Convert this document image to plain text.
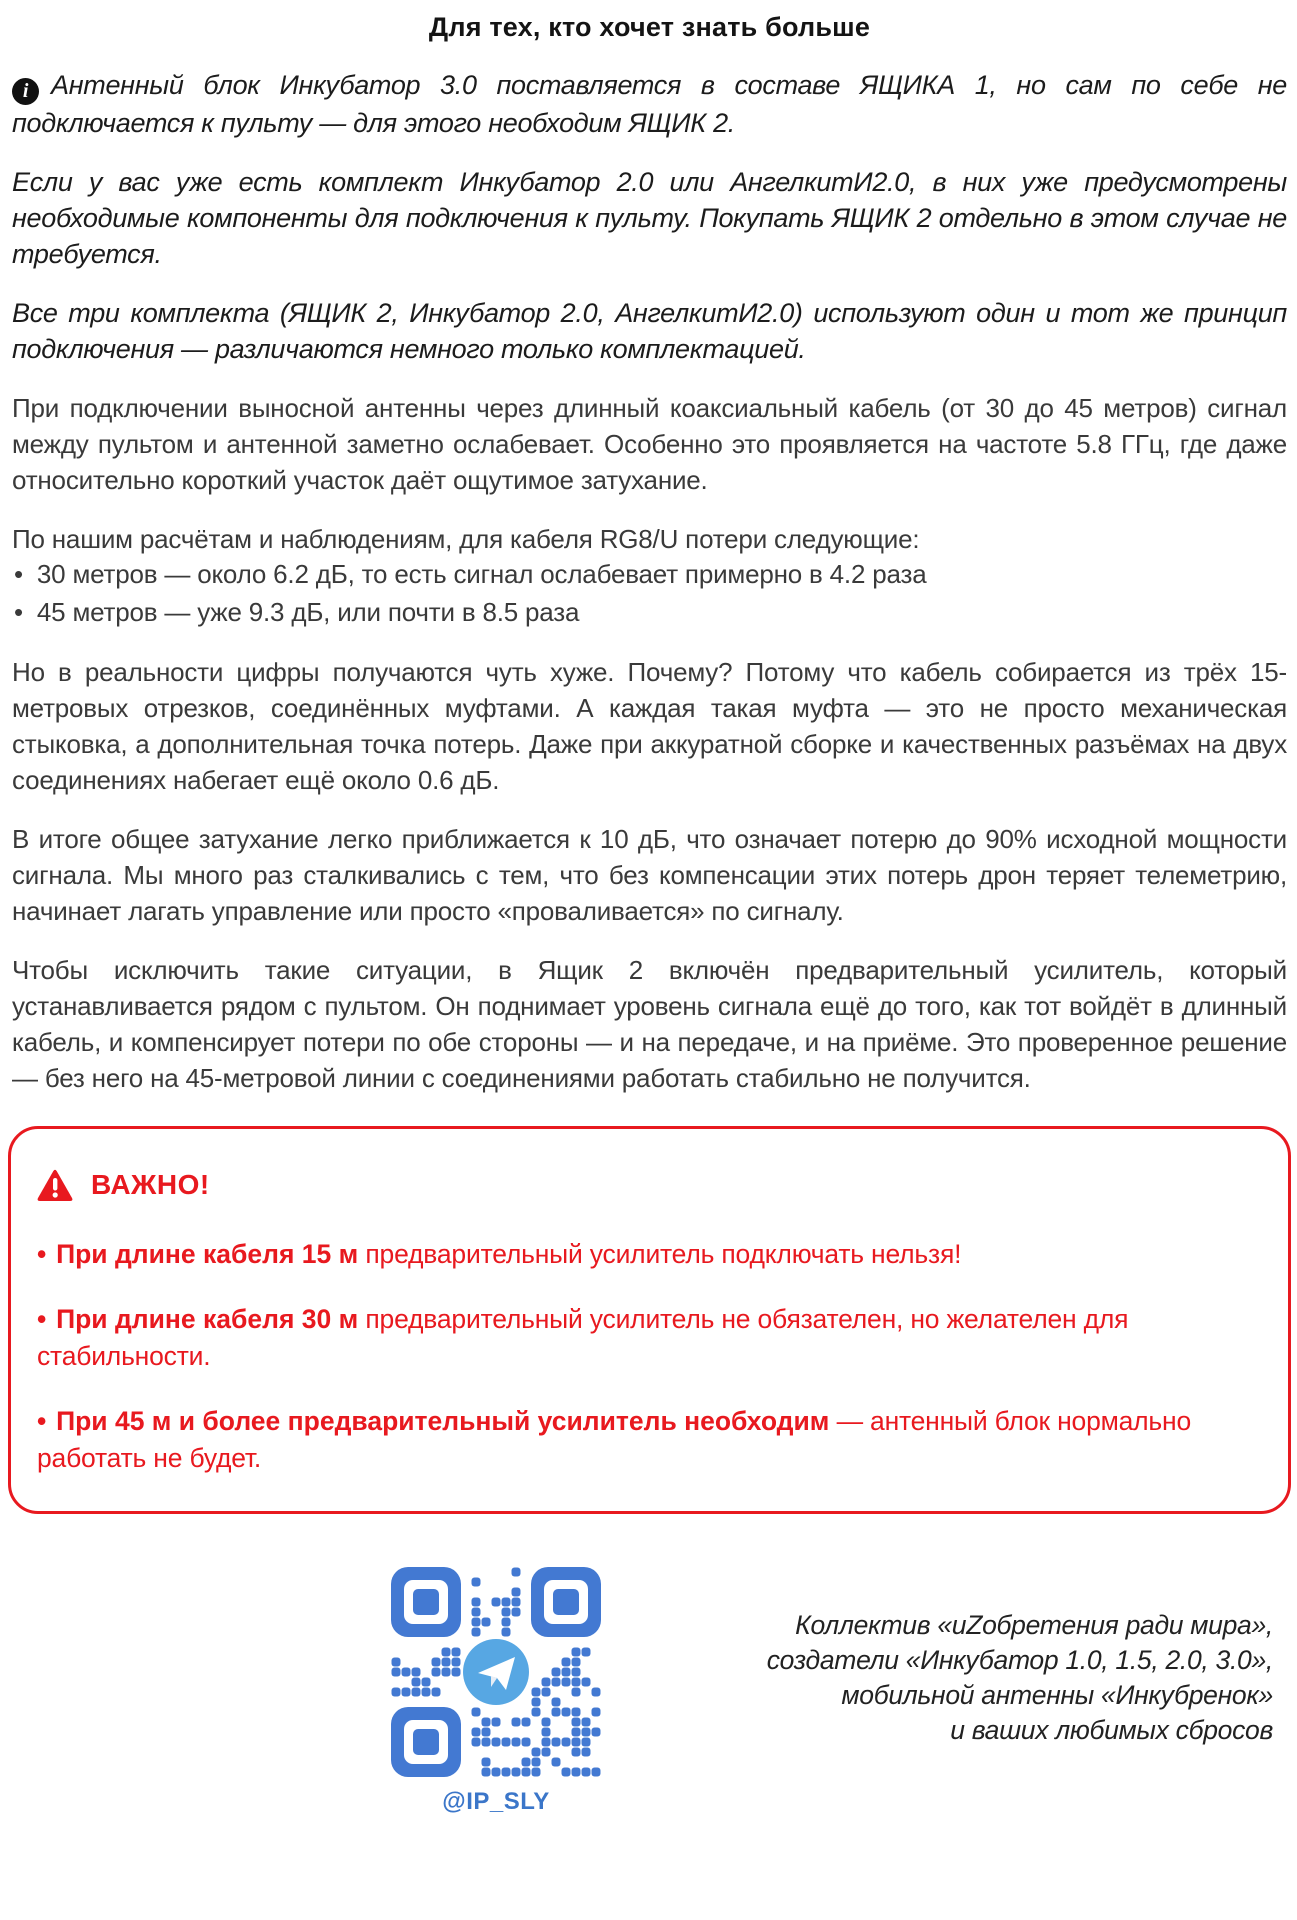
Для тех, кто хочет знать больше

i Антенный блок Инкубатор 3.0 поставляется в составе ЯЩИКА 1, но сам по себе не подключается к пульту — для этого необходим ЯЩИК 2.

Если у вас уже есть комплект Инкубатор 2.0 или АнгелкитИ2.0, в них уже предусмотрены необходимые компоненты для подключения к пульту. Покупать ЯЩИК 2 отдельно в этом случае не требуется.

Все три комплекта (ЯЩИК 2, Инкубатор 2.0, АнгелкитИ2.0) используют один и тот же принцип подключения — различаются немного только комплектацией.

При подключении выносной антенны через длинный коаксиальный кабель (от 30 до 45 метров) сигнал между пультом и антенной заметно ослабевает. Особенно это проявляется на частоте 5.8 ГГц, где даже относительно короткий участок даёт ощутимое затухание.

По нашим расчётам и наблюдениям, для кабеля RG8/U потери следующие:

• 30 метров — около 6.2 дБ, то есть сигнал ослабевает примерно в 4.2 раза
• 45 метров — уже 9.3 дБ, или почти в 8.5 раза

Но в реальности цифры получаются чуть хуже. Почему? Потому что кабель собирается из трёх 15-метровых отрезков, соединённых муфтами. А каждая такая муфта — это не просто механическая стыковка, а дополнительная точка потерь. Даже при аккуратной сборке и качественных разъёмах на двух соединениях набегает ещё около 0.6 дБ.

В итоге общее затухание легко приближается к 10 дБ, что означает потерю до 90% исходной мощности сигнала. Мы много раз сталкивались с тем, что без компенсации этих потерь дрон теряет телеметрию, начинает лагать управление или просто «проваливается» по сигналу.

Чтобы исключить такие ситуации, в Ящик 2 включён предварительный усилитель, который устанавливается рядом с пультом. Он поднимает уровень сигнала ещё до того, как тот войдёт в длинный кабель, и компенсирует потери по обе стороны — и на передаче, и на приёме. Это проверенное решение — без него на 45-метровой линии с соединениями работать стабильно не получится.

ВАЖНО!

• При длине кабеля 15 м предварительный усилитель подключать нельзя!

• При длине кабеля 30 м предварительный усилитель не обязателен, но желателен для стабильности.

• При 45 м и более предварительный усилитель необходим — антенный блок нормально работать не будет.

@IP_SLY
Коллектив «иZобретения ради мира»,
создатели «Инкубатор 1.0, 1.5, 2.0, 3.0»,
мобильной антенны «Инкубренок»
и ваших любимых сбросов
